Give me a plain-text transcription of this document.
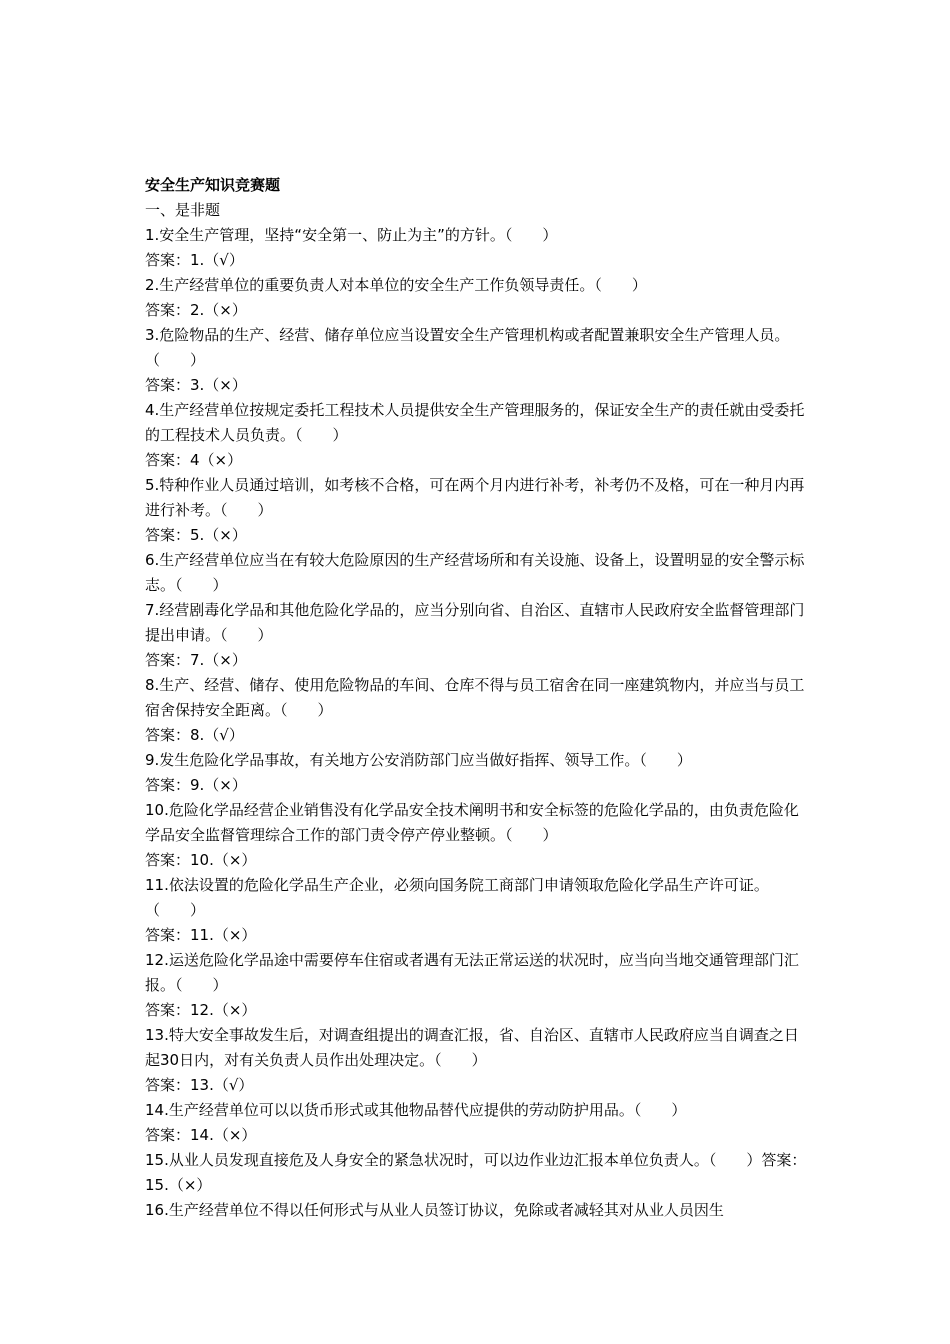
安全生产知识竞赛题

一、是非题

1.安全生产管理，坚持“安全第一、防止为主”的方针。（　　）

答案：1.（√）

2.生产经营单位的重要负责人对本单位的安全生产工作负领导责任。（　　）

答案：2.（×）

3.危险物品的生产、经营、储存单位应当设置安全生产管理机构或者配置兼职安全生产管理人员。（　　）

答案：3.（×）

4.生产经营单位按规定委托工程技术人员提供安全生产管理服务的，保证安全生产的责任就由受委托的工程技术人员负责。（　　）

答案：4（×）

5.特种作业人员通过培训，如考核不合格，可在两个月内进行补考，补考仍不及格，可在一种月内再进行补考。（　　）

答案：5.（×）

6.生产经营单位应当在有较大危险原因的生产经营场所和有关设施、设备上，设置明显的安全警示标志。（　　）

7.经营剧毒化学品和其他危险化学品的，应当分别向省、自治区、直辖市人民政府安全监督管理部门提出申请。（　　）

答案：7.（×）

8.生产、经营、储存、使用危险物品的车间、仓库不得与员工宿舍在同一座建筑物内，并应当与员工宿舍保持安全距离。（　　）

答案：8.（√）

9.发生危险化学品事故，有关地方公安消防部门应当做好指挥、领导工作。（　　）

答案：9.（×）

10.危险化学品经营企业销售没有化学品安全技术阐明书和安全标签的危险化学品的，由负责危险化学品安全监督管理综合工作的部门责令停产停业整顿。（　　）

答案：10.（×）

11.依法设置的危险化学品生产企业，必须向国务院工商部门申请领取危险化学品生产许可证。（　　）

答案：11.（×）

12.运送危险化学品途中需要停车住宿或者遇有无法正常运送的状况时，应当向当地交通管理部门汇报。（　　）

答案：12.（×）

13.特大安全事故发生后，对调查组提出的调查汇报，省、自治区、直辖市人民政府应当自调查之日起30日内，对有关负责人员作出处理决定。（　　）

答案：13.（√）

14.生产经营单位可以以货币形式或其他物品替代应提供的劳动防护用品。（　　）

答案：14.（×）

15.从业人员发现直接危及人身安全的紧急状况时，可以边作业边汇报本单位负责人。（　　）答案：15.（×）

16.生产经营单位不得以任何形式与从业人员签订协议，免除或者减轻其对从业人员因生
